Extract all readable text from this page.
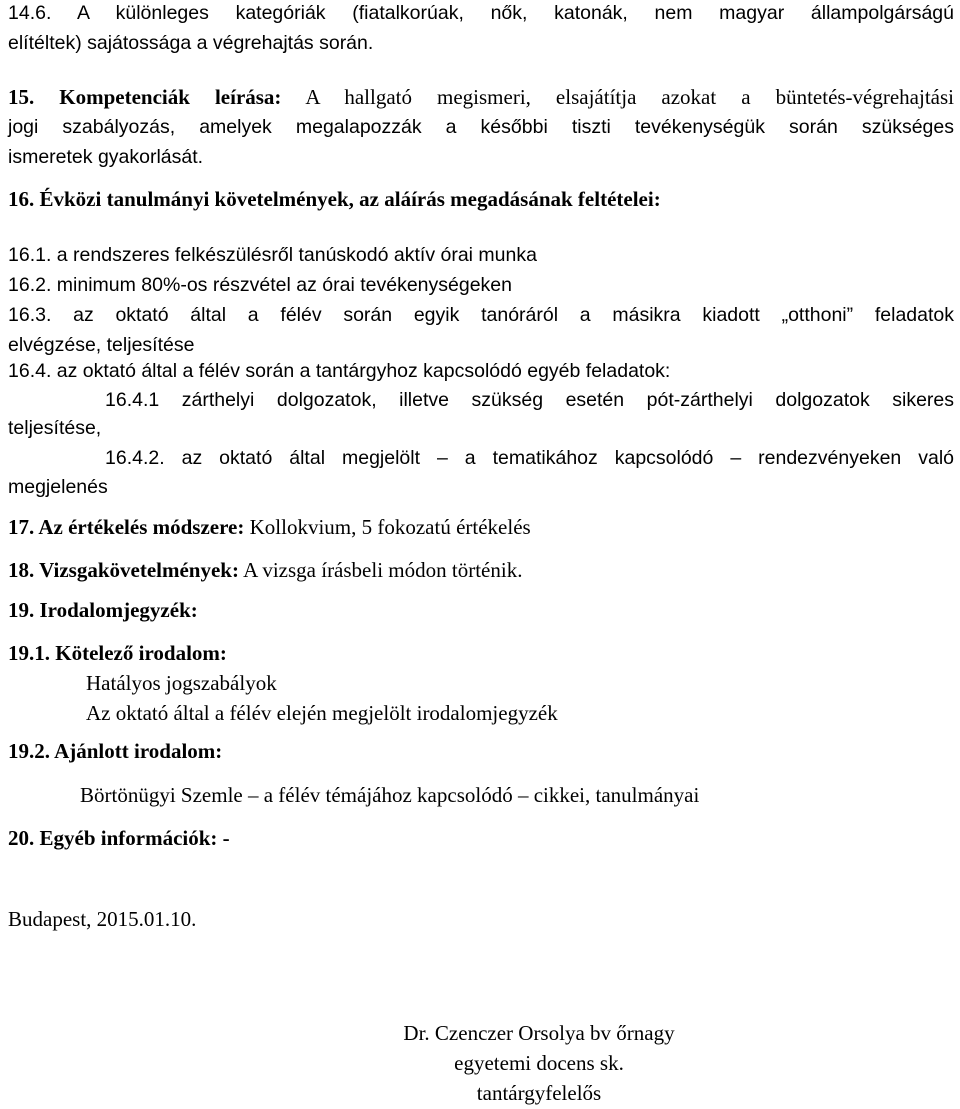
14.6. A különleges kategóriák (fiatalkorúak, nők, katonák, nem magyar állampolgárságú
elítéltek) sajátossága a végrehajtás során.
15. Kompetenciák leírása: A hallgató megismeri, elsajátítja azokat a büntetés-végrehajtási
jogi szabályozás, amelyek megalapozzák a későbbi tiszti tevékenységük során szükséges
ismeretek gyakorlását.
16. Évközi tanulmányi követelmények, az aláírás megadásának feltételei:
16.1. a rendszeres felkészülésről tanúskodó aktív órai munka
16.2. minimum 80%-os részvétel az órai tevékenységeken
16.3. az oktató által a félév során egyik tanóráról a másikra kiadott „otthoni” feladatok
elvégzése, teljesítése
16.4. az oktató által a félév során a tantárgyhoz kapcsolódó egyéb feladatok:
16.4.1 zárthelyi dolgozatok, illetve szükség esetén pót-zárthelyi dolgozatok sikeres
teljesítése,
16.4.2. az oktató által megjelölt – a tematikához kapcsolódó – rendezvényeken való
megjelenés
17. Az értékelés módszere: Kollokvium, 5 fokozatú értékelés
18. Vizsgakövetelmények: A vizsga írásbeli módon történik.
19. Irodalomjegyzék:
19.1. Kötelező irodalom:
Hatályos jogszabályok
Az oktató által a félév elején megjelölt irodalomjegyzék
19.2. Ajánlott irodalom:
Börtönügyi Szemle – a félév témájához kapcsolódó – cikkei, tanulmányai
20. Egyéb információk: -
Budapest, 2015.01.10.
Dr. Czenczer Orsolya bv őrnagy
egyetemi docens sk.
tantárgyfelelős
